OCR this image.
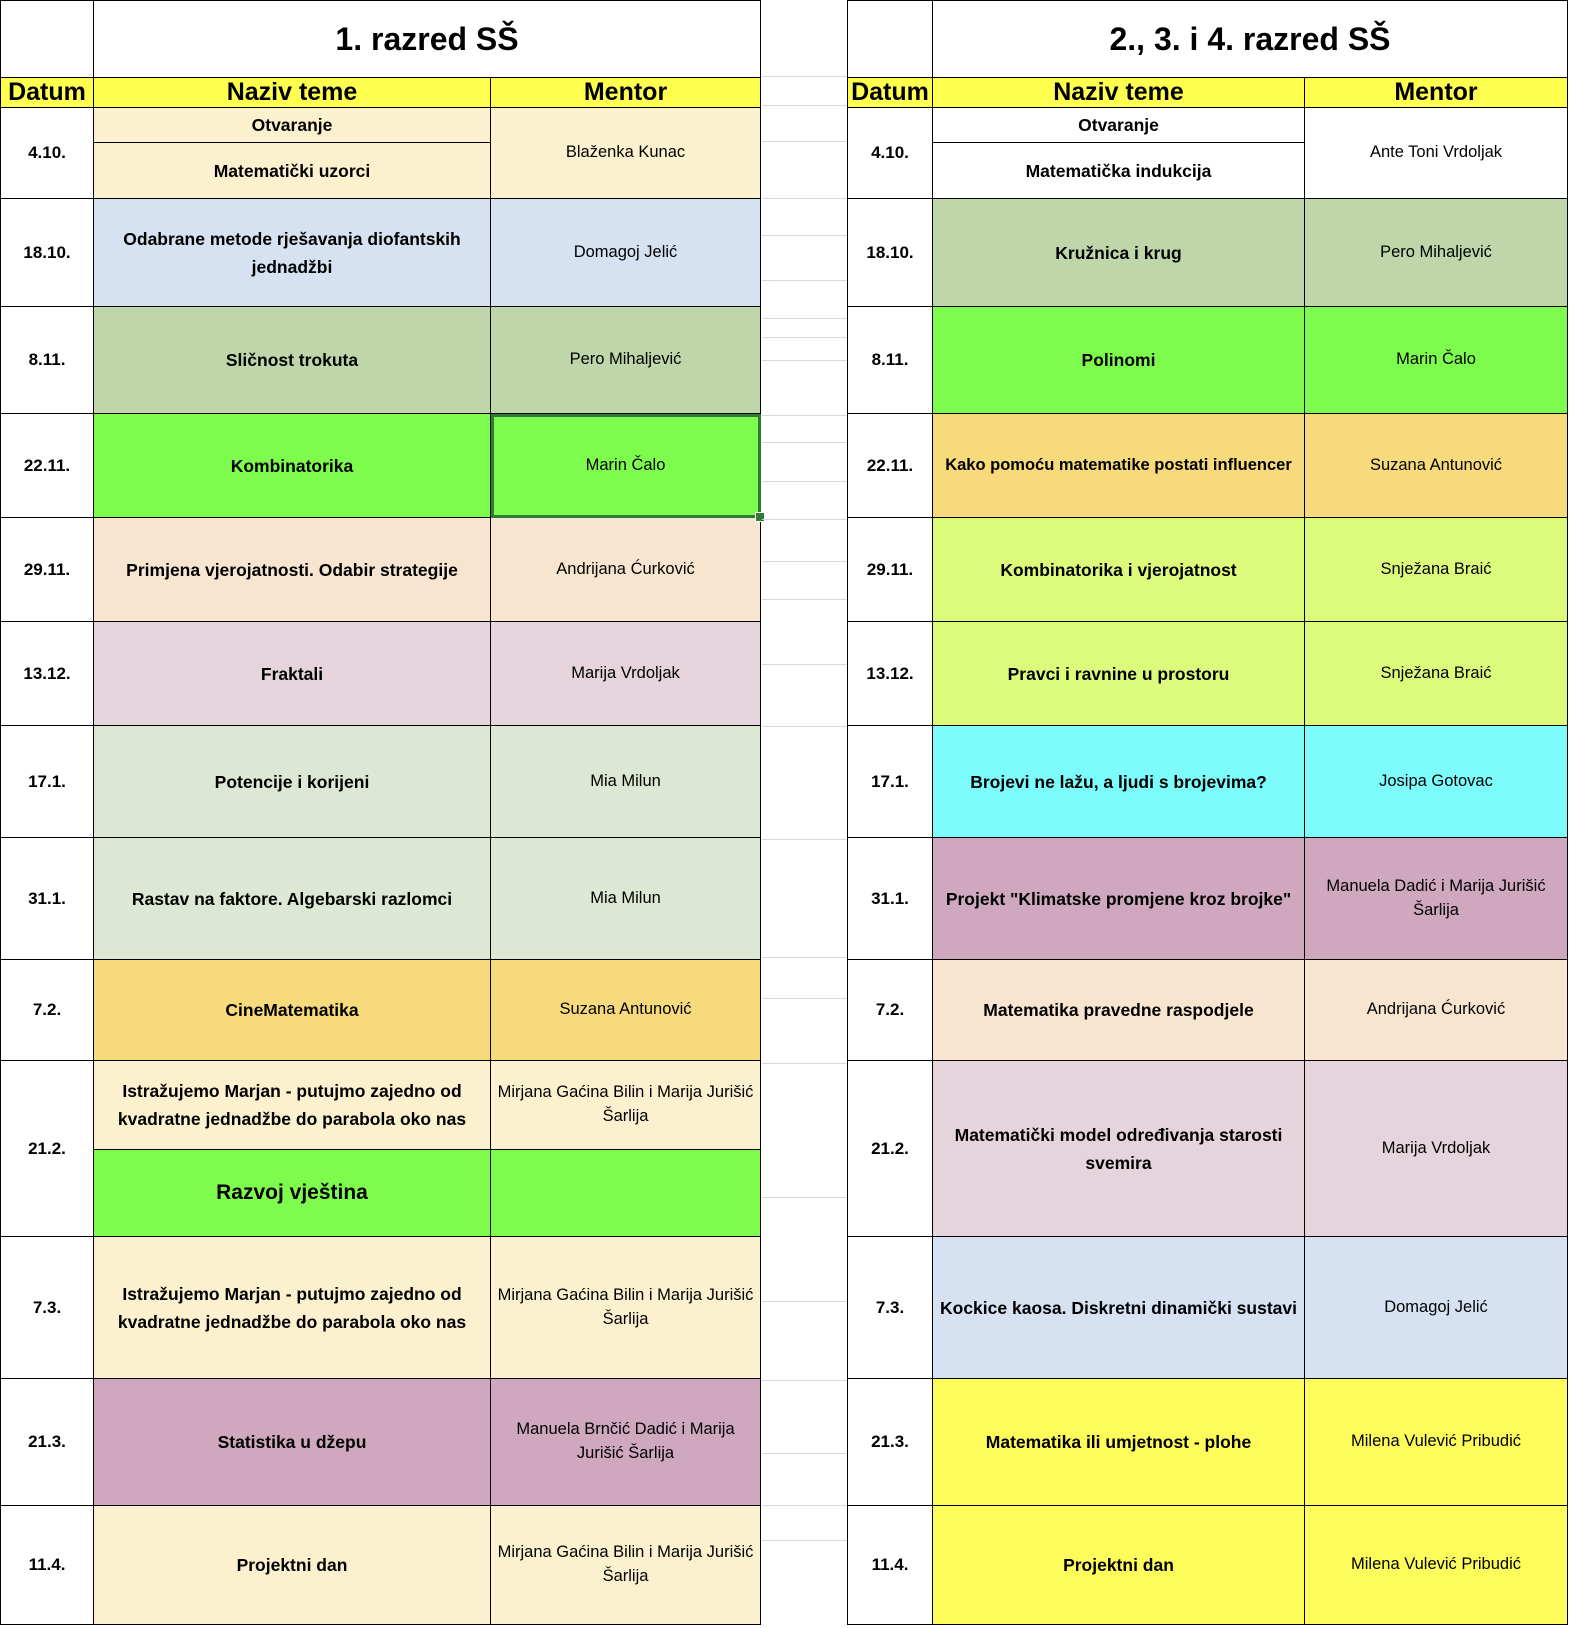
	1. razred SŠ	
Datum	Naziv teme	Mentor
4.10.	Otvaranje	Blaženka Kunac
	Matematički uzorci	
18.10.	Odabrane metode rješavanja diofantskih jednadžbi	Domagoj Jelić
8.11.	Sličnost trokuta	Pero Mihaljević
22.11.	Kombinatorika	Marin Čalo

29.11.	Primjena vjerojatnosti. Odabir strategije	Andrijana Ćurković
13.12.	Fraktali	Marija Vrdoljak
17.1.	Potencije i korijeni	Mia Milun
31.1.	Rastav na faktore. Algebarski razlomci	Mia Milun
7.2.	CineMatematika	Suzana Antunović
21.2.	Istražujemo Marjan - putujmo zajedno od kvadratne jednadžbe do parabola oko nas	Mirjana Gaćina Bilin i Marija Jurišić Šarlija
	Razvoj vještina	
7.3.	Istražujemo Marjan - putujmo zajedno od kvadratne jednadžbe do parabola oko nas	Mirjana Gaćina Bilin i Marija Jurišić Šarlija
21.3.	Statistika u džepu	Manuela Brnčić Dadić i Marija Jurišić Šarlija
11.4.	Projektni dan	Mirjana Gaćina Bilin i Marija Jurišić Šarlija
	2., 3. i 4. razred SŠ	
Datum	Naziv teme	Mentor
4.10.	Otvaranje	Ante Toni Vrdoljak
	Matematička indukcija	
18.10.	Kružnica i krug	Pero Mihaljević
8.11.	Polinomi	Marin Čalo
22.11.	Kako pomoću matematike postati influencer	Suzana Antunović
29.11.	Kombinatorika i vjerojatnost	Snježana Braić
13.12.	Pravci i ravnine u prostoru	Snježana Braić
17.1.	Brojevi ne lažu, a ljudi s brojevima?	Josipa Gotovac
31.1.	Projekt "Klimatske promjene kroz brojke"	Manuela Dadić i Marija Jurišić Šarlija
7.2.	Matematika pravedne raspodjele	Andrijana Ćurković
21.2.	Matematički model određivanja starosti svemira	Marija Vrdoljak
7.3.	Kockice kaosa. Diskretni dinamički sustavi	Domagoj Jelić
21.3.	Matematika ili umjetnost - plohe	Milena Vulević Pribudić
11.4.	Projektni dan	Milena Vulević Pribudić
